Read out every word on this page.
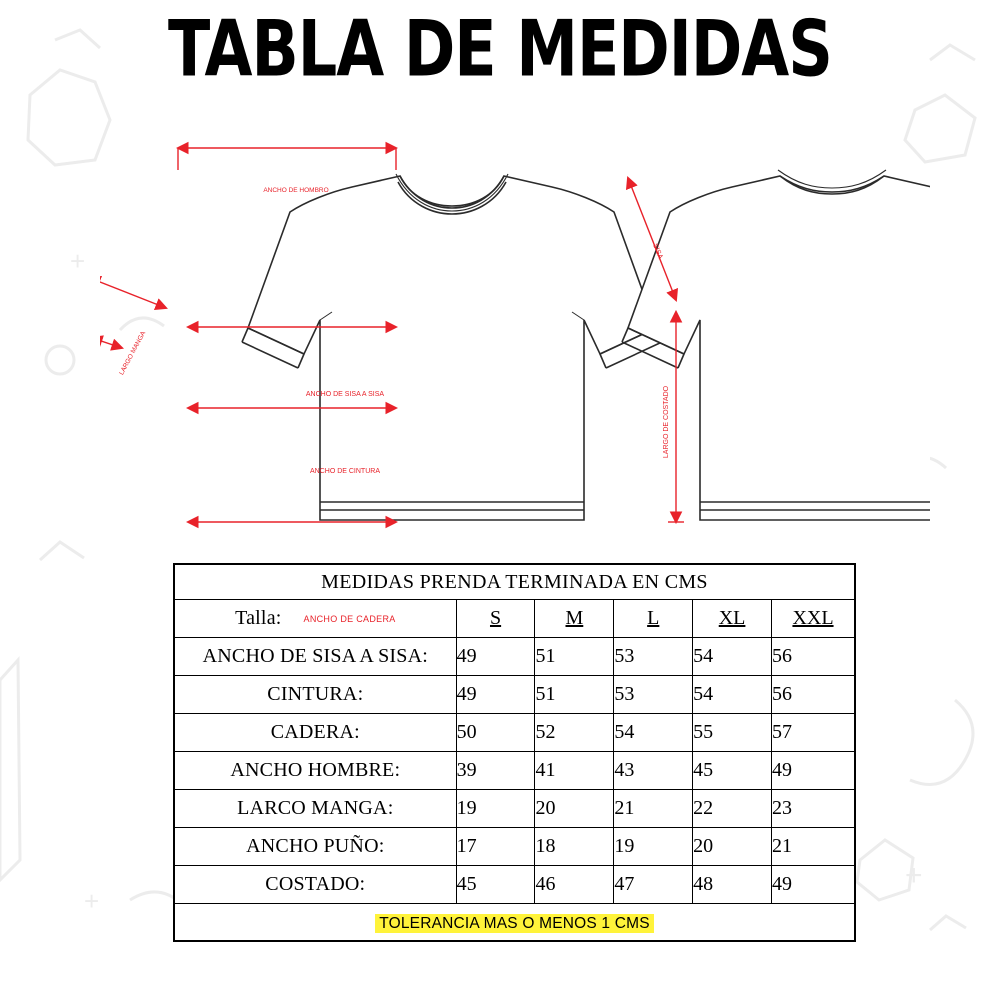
+
+
+
TABLA DE MEDIDAS
ANCHO DE HOMBRO
ANCHO DE SISA A SISA
ANCHO DE CINTURA
LARGO MANGA
SISA
LARGO DE COSTADO
MEDIDAS PRENDA TERMINADA EN CMS					

Talla: ANCHO DE CADERA	S	M	L	XL	XXL
ANCHO DE SISA A SISA:	49	51	53	54	56
CINTURA:	49	51	53	54	56
CADERA:	50	52	54	55	57
ANCHO HOMBRE:	39	41	43	45	49
LARCO MANGA:	19	20	21	22	23
ANCHO PUÑO:	17	18	19	20	21
COSTADO:	45	46	47	48	49
TOLERANCIA MAS O MENOS 1 CMS					
